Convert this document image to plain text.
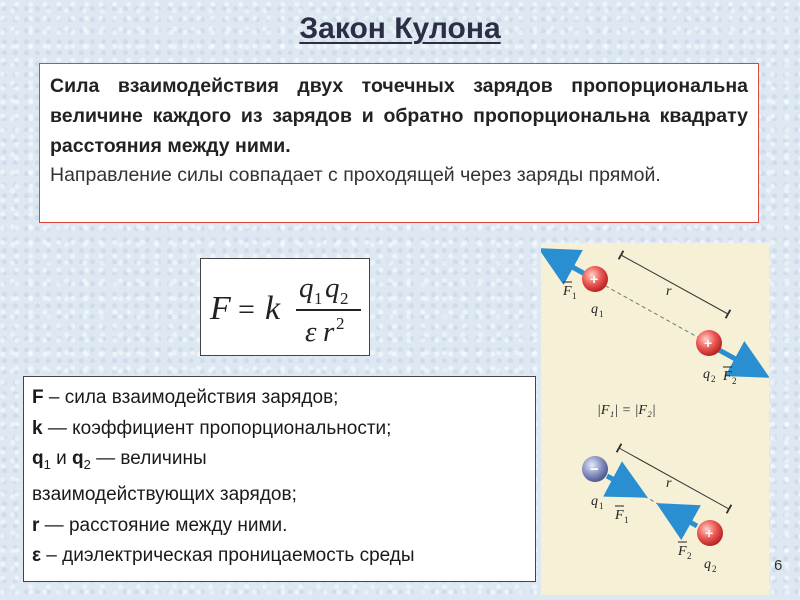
Закон Кулона
Сила взаимодействия двух точечных зарядов пропорциональна величине каждого из зарядов и обратно пропорциональна квадрату расстояния между ними.
Направление силы совпадает с проходящей через заряды прямой.
F = k
q 1 q 2
ε r 2
F – сила взаимодействия зарядов;
k — коэффициент пропорциональности;
$q_1$ и $q_2$ — величины
взаимодействующих зарядов;
r — расстояние между ними.
ε – диэлектрическая проницаемость среды
+
+
F 1
q 1
r
q 2 F 2
|F₁| = |F₂|
−
+
q 1
F 1
r
F 2
q 2	6
